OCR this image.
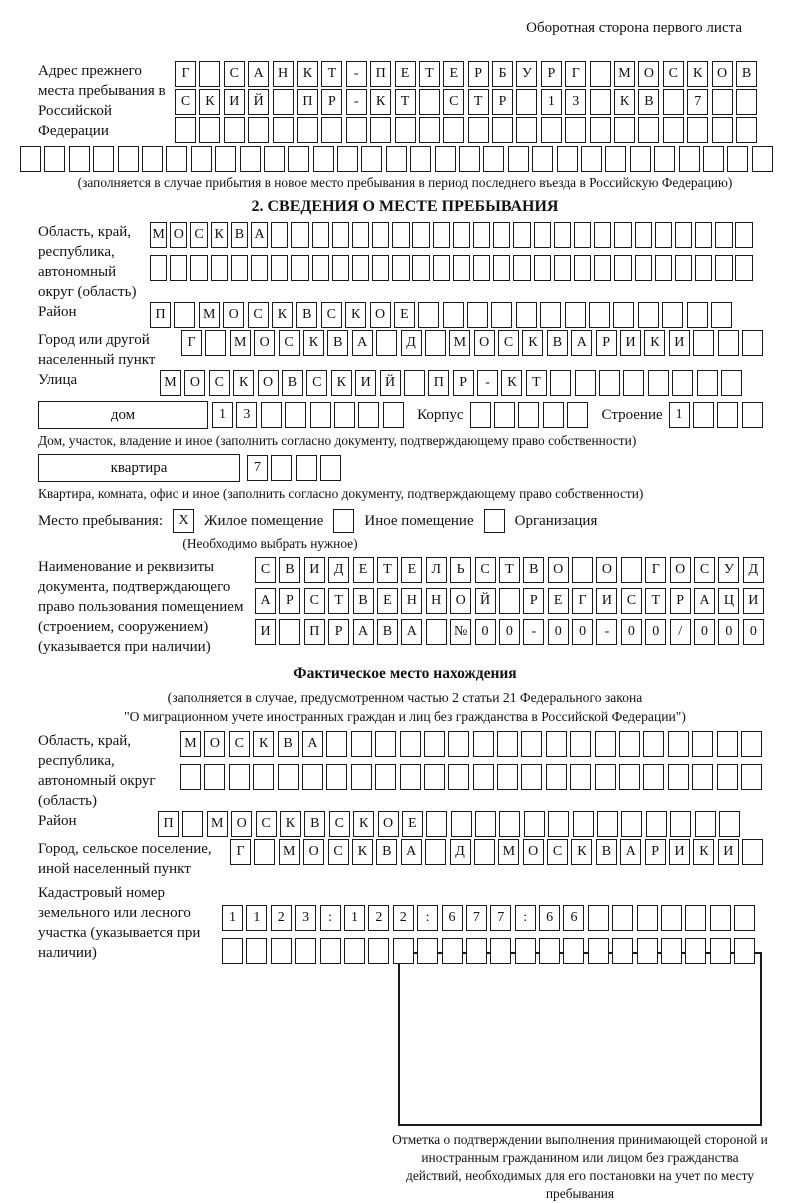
Оборотная сторона первого листа
Адрес прежнего места пребывания в Российской Федерации
Г	С	А	Н	К	Т	-	П	Е	Т	Е	Р	Б	У	Р	Г	М О	С	К	О	В
С	К	И	Й	П	Р	-	К	Т	С	Т	Р	1	3	К	В	7
(заполняется в случае прибытия в новое место пребывания в период последнего въезда в Российскую Федерацию)
2. СВЕДЕНИЯ О МЕСТЕ ПРЕБЫВАНИЯ
Область, край, республика, автономный округ (область)
М О С К В А
Район	П	М О	С	К	В	С	К	О	Е
Город или другой населенный пункт
Г	М О	С	К	В	А	Д	М О	С	К	В	А	Р	И	К	И
Улица	М О	С	К	О	В	С	К	И	Й	П	Р	-	К	Т
дом	1	3	Корпус	Строение 1
Дом, участок, владение и иное (заполнить согласно документу, подтверждающему право собственности)
квартира	7
Квартира, комната, офис и иное (заполнить согласно документу, подтверждающему право собственности)
Место пребывания:	X	Жилое помещение	Иное помещение	Организация
(Необходимо выбрать нужное)
Наименование и реквизиты документа, подтверждающего право пользования помещением (строением, сооружением) (указывается при наличии)
С	В	И	Д	Е	Т	Е	Л	Ь	С	Т	В	О	О	Г	О	С	У	Д
А	Р	С	Т	В	Е	Н	Н	О	Й	Р	Е	Г	И	С	Т	Р	А	Ц	И
И	П	Р	А	В	А	№	0	0	-	0	0	-	0	0	/	0	0	0
Фактическое место нахождения
(заполняется в случае, предусмотренном частью 2 статьи 21 Федерального закона
"О миграционном учете иностранных граждан и лиц без гражданства в Российской Федерации")
Область, край, республика, автономный округ (область)
М О	С	К	В	А
Район	П	М О	С	К	В	С	К	О	Е
Город, сельское поселение, иной населенный пункт
Г	М О	С	К	В	А	Д	М О	С	К	В	А	Р	И	К	И
Кадастровый номер земельного или лесного участка (указывается при наличии)
1	1	2	3	:	1	2	2	:	6	7	7	:	6	6
Отметка о подтверждении выполнения принимающей стороной и иностранным гражданином или лицом без гражданства действий, необходимых для его постановки на учет по месту пребывания
